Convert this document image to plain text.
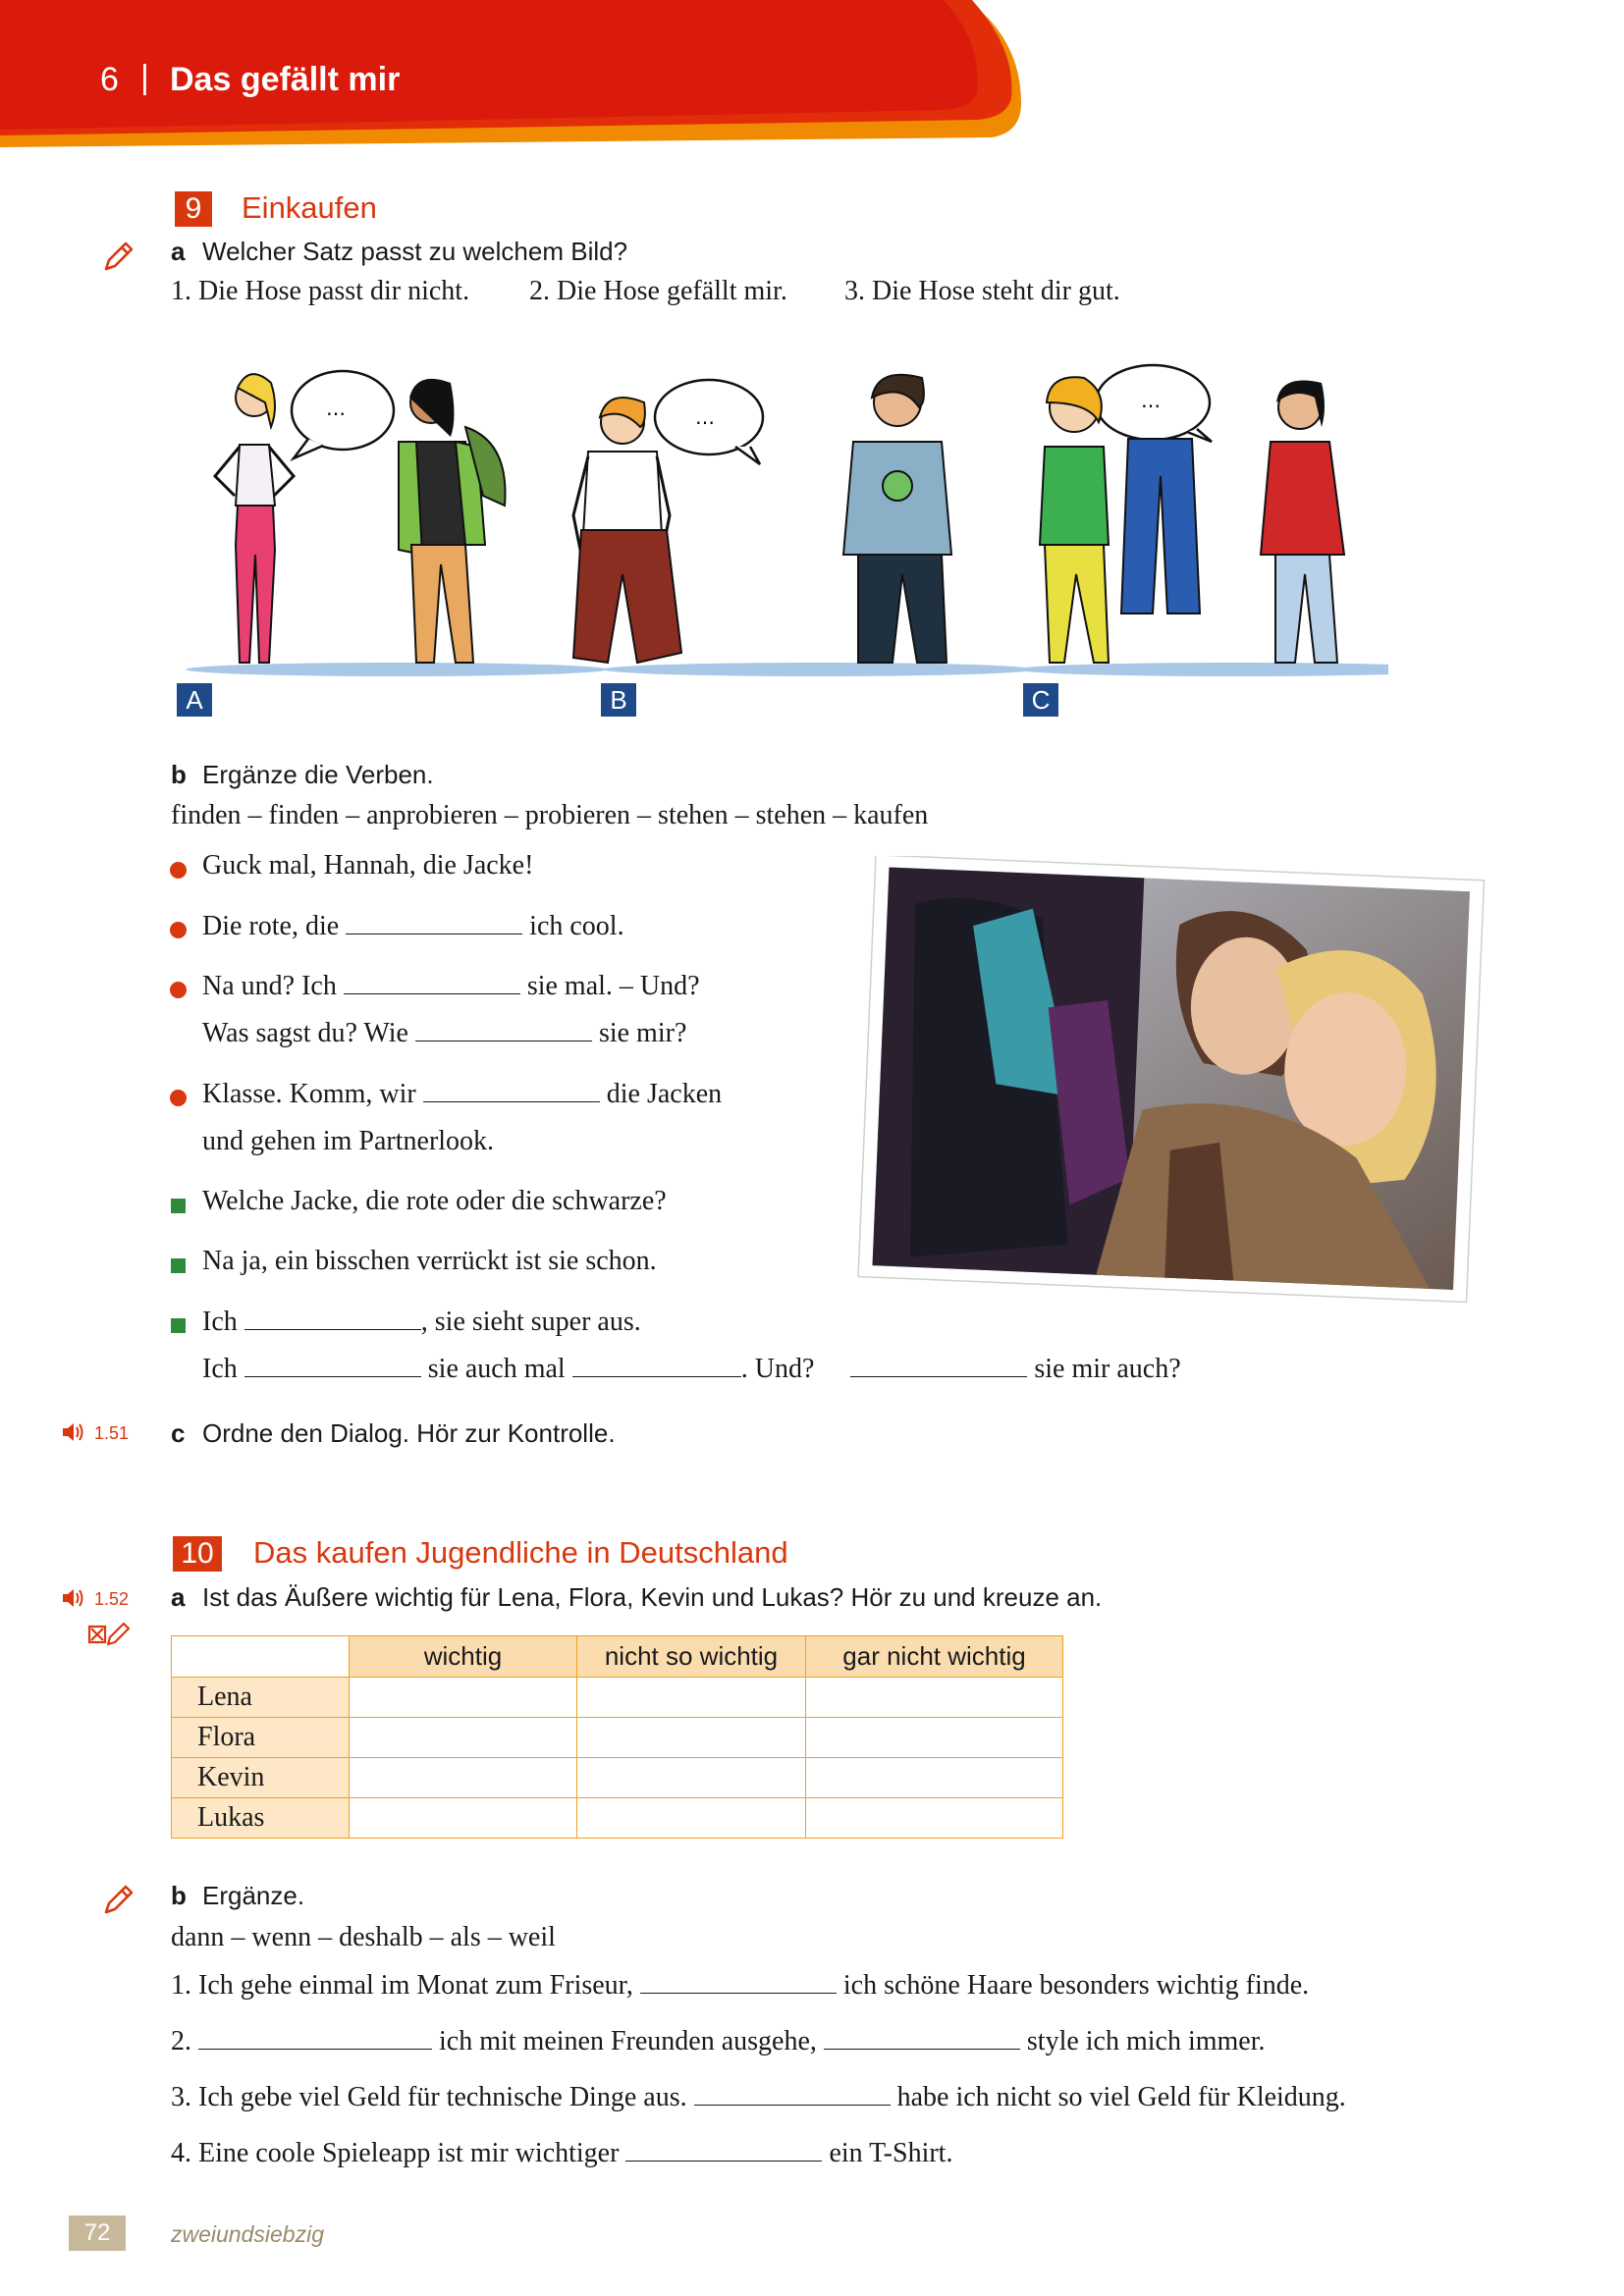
6 | Das gefällt mir
9	Einkaufen
a Welcher Satz passt zu welchem Bild?
1. Die Hose passt dir nicht. 2. Die Hose gefällt mir. 3. Die Hose steht dir gut.
…	…
…
A	B	C
b Ergänze die Verben.
finden – finden – anprobieren – probieren – stehen – stehen – kaufen
Guck mal, Hannah, die Jacke!
Die rote, die	ich cool.
Na und? Ich	sie mal. – Und?
Was sagst du? Wie	sie mir?
Klasse. Komm, wir	die Jacken
und gehen im Partnerlook.
Welche Jacke, die rote oder die schwarze?
Na ja, ein bisschen verrückt ist sie schon.
Ich	, sie sieht super aus.
Ich	sie auch mal	. Und?	sie mir auch?
1.51 c Ordne den Dialog. Hör zur Kontrolle.
10 Das kaufen Jugendliche in Deutschland
1.52 a Ist das Äußere wichtig für Lena, Flora, Kevin und Lukas? Hör zu und kreuze an.
	wichtig	nicht so wichtig	gar nicht wichtig
Lena			
Flora			
Kevin			
Lukas			
b Ergänze.
dann – wenn – deshalb – als – weil
1. Ich gehe einmal im Monat zum Friseur,	ich schöne Haare besonders wichtig finde.
2.	ich mit meinen Freunden ausgehe,	style ich mich immer.
3. Ich gebe viel Geld für technische Dinge aus.	habe ich nicht so viel Geld für Kleidung.
4. Eine coole Spieleapp ist mir wichtiger	ein T-Shirt.
72	zweiundsiebzig
